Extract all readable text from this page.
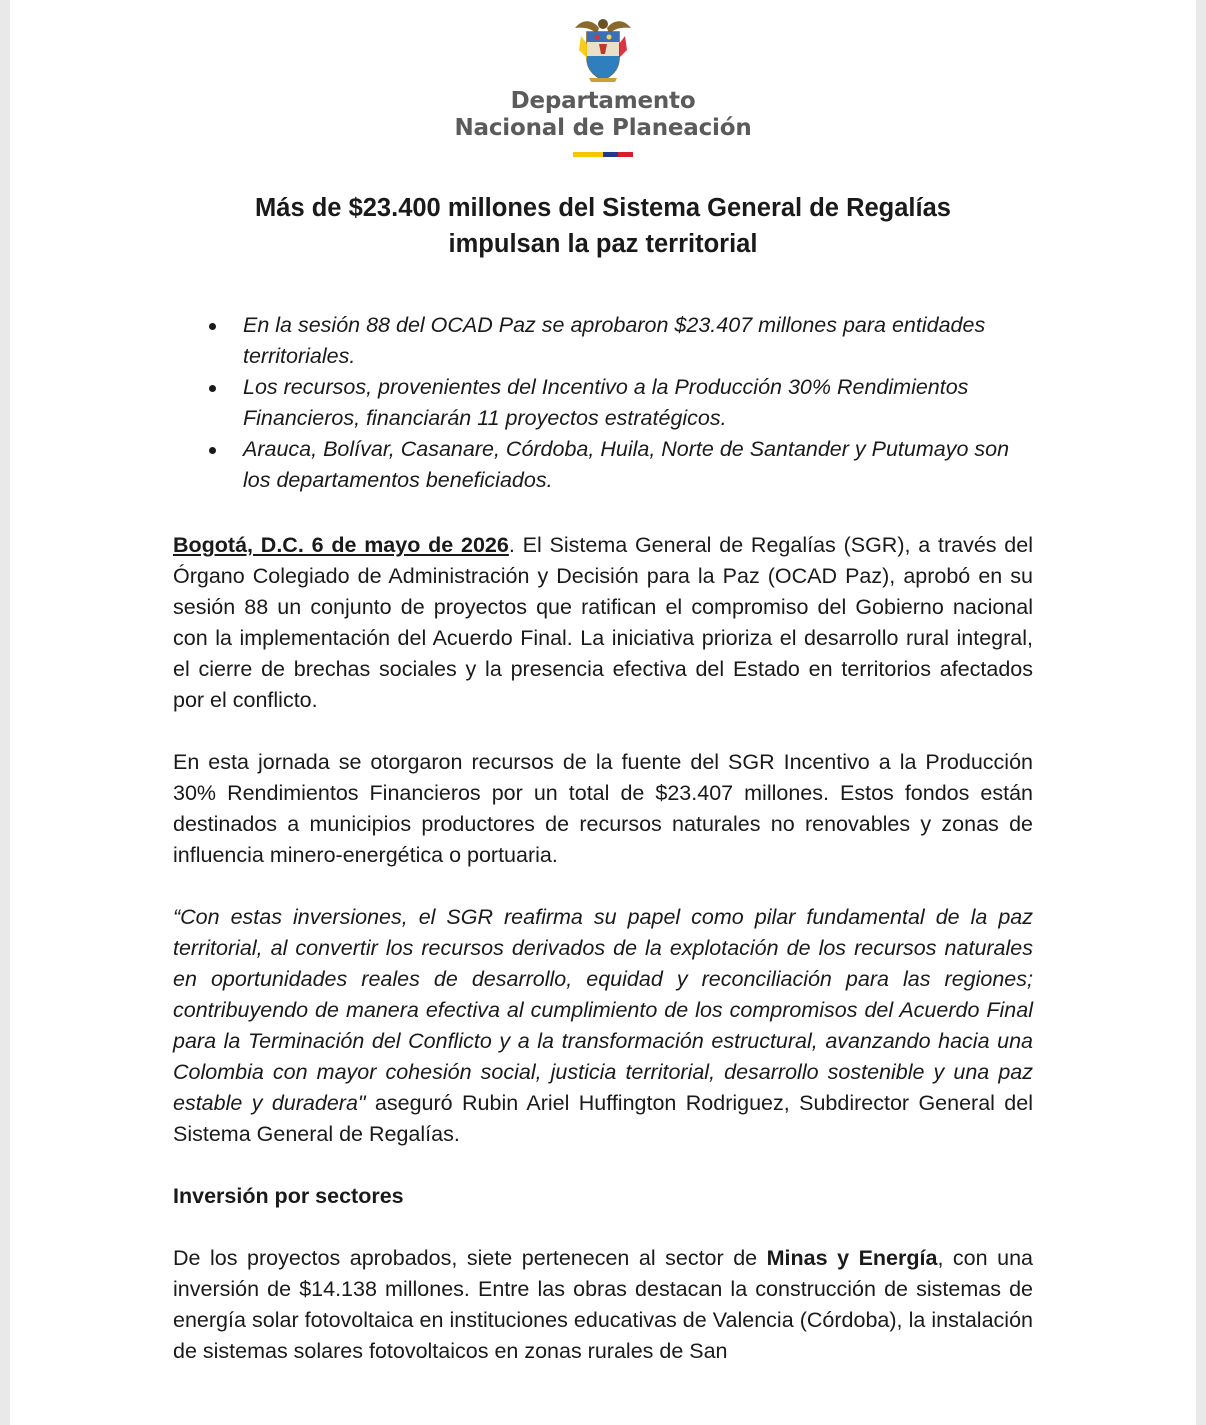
Departamento
Nacional de Planeación
Más de $23.400 millones del Sistema General de Regalías impulsan la paz territorial
En la sesión 88 del OCAD Paz se aprobaron $23.407 millones para entidades territoriales.
Los recursos, provenientes del Incentivo a la Producción 30% Rendimientos Financieros, financiarán 11 proyectos estratégicos.
Arauca, Bolívar, Casanare, Córdoba, Huila, Norte de Santander y Putumayo son los departamentos beneficiados.

Bogotá, D.C. 6 de mayo de 2026. El Sistema General de Regalías (SGR), a través del Órgano Colegiado de Administración y Decisión para la Paz (OCAD Paz), aprobó en su sesión 88 un conjunto de proyectos que ratifican el compromiso del Gobierno nacional con la implementación del Acuerdo Final. La iniciativa prioriza el desarrollo rural integral, el cierre de brechas sociales y la presencia efectiva del Estado en territorios afectados por el conflicto.

En esta jornada se otorgaron recursos de la fuente del SGR Incentivo a la Producción 30% Rendimientos Financieros por un total de $23.407 millones. Estos fondos están destinados a municipios productores de recursos naturales no renovables y zonas de influencia minero-energética o portuaria.

“Con estas inversiones, el SGR reafirma su papel como pilar fundamental de la paz territorial, al convertir los recursos derivados de la explotación de los recursos naturales en oportunidades reales de desarrollo, equidad y reconciliación para las regiones; contribuyendo de manera efectiva al cumplimiento de los compromisos del Acuerdo Final para la Terminación del Conflicto y a la transformación estructural, avanzando hacia una Colombia con mayor cohesión social, justicia territorial, desarrollo sostenible y una paz estable y duradera" aseguró Rubin Ariel Huffington Rodriguez, Subdirector General del Sistema General de Regalías.

Inversión por sectores

De los proyectos aprobados, siete pertenecen al sector de Minas y Energía, con una inversión de $14.138 millones. Entre las obras destacan la construcción de sistemas de energía solar fotovoltaica en instituciones educativas de Valencia (Córdoba), la instalación de sistemas solares fotovoltaicos en zonas rurales de San
